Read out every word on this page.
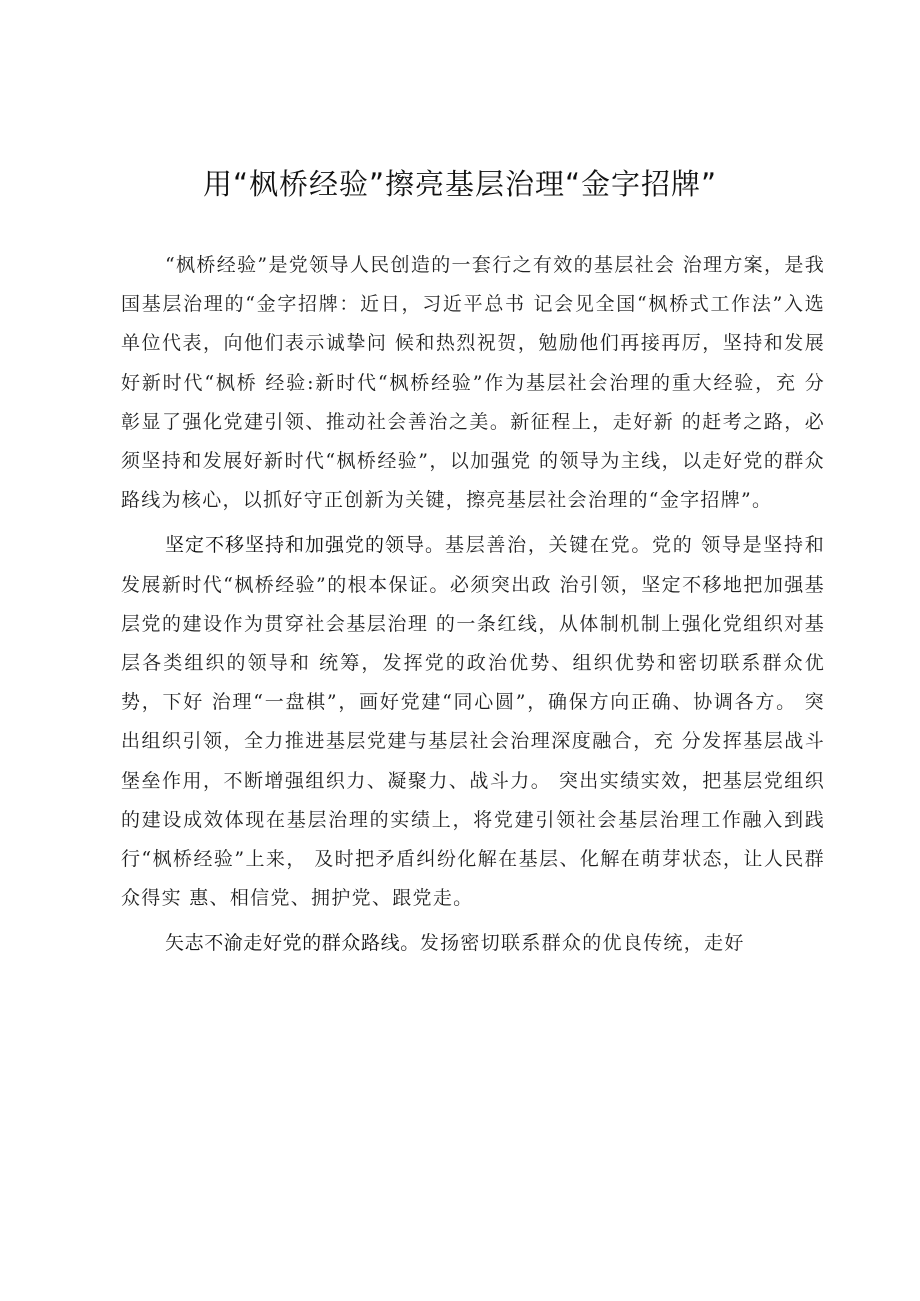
用“枫桥经验”擦亮基层治理“金字招牌”

“枫桥经验”是党领导人民创造的一套行之有效的基层社会 治理方案，是我国基层治理的“金字招牌：近日，习近平总书 记会见全国“枫桥式工作法”入选单位代表，向他们表示诚挚问 候和热烈祝贺，勉励他们再接再厉，坚持和发展好新时代“枫桥 经验:新时代“枫桥经验”作为基层社会治理的重大经验，充 分彰显了强化党建引领、推动社会善治之美。新征程上，走好新 的赶考之路，必须坚持和发展好新时代“枫桥经验”，以加强党 的领导为主线，以走好党的群众路线为核心，以抓好守正创新为关键，擦亮基层社会治理的“金字招牌”。

坚定不移坚持和加强党的领导。基层善治，关键在党。党的 领导是坚持和发展新时代“枫桥经验”的根本保证。必须突出政 治引领，坚定不移地把加强基层党的建设作为贯穿社会基层治理 的一条红线，从体制机制上强化党组织对基层各类组织的领导和 统筹，发挥党的政治优势、组织优势和密切联系群众优势，下好 治理“一盘棋”，画好党建“同心圆”，确保方向正确、协调各方。 突出组织引领，全力推进基层党建与基层社会治理深度融合，充 分发挥基层战斗堡垒作用，不断增强组织力、凝聚力、战斗力。 突出实绩实效，把基层党组织的建设成效体现在基层治理的实绩上，将党建引领社会基层治理工作融入到践行“枫桥经验”上来， 及时把矛盾纠纷化解在基层、化解在萌芽状态，让人民群众得实 惠、相信党、拥护党、跟党走。

矢志不渝走好党的群众路线。发扬密切联系群众的优良传统，走好
